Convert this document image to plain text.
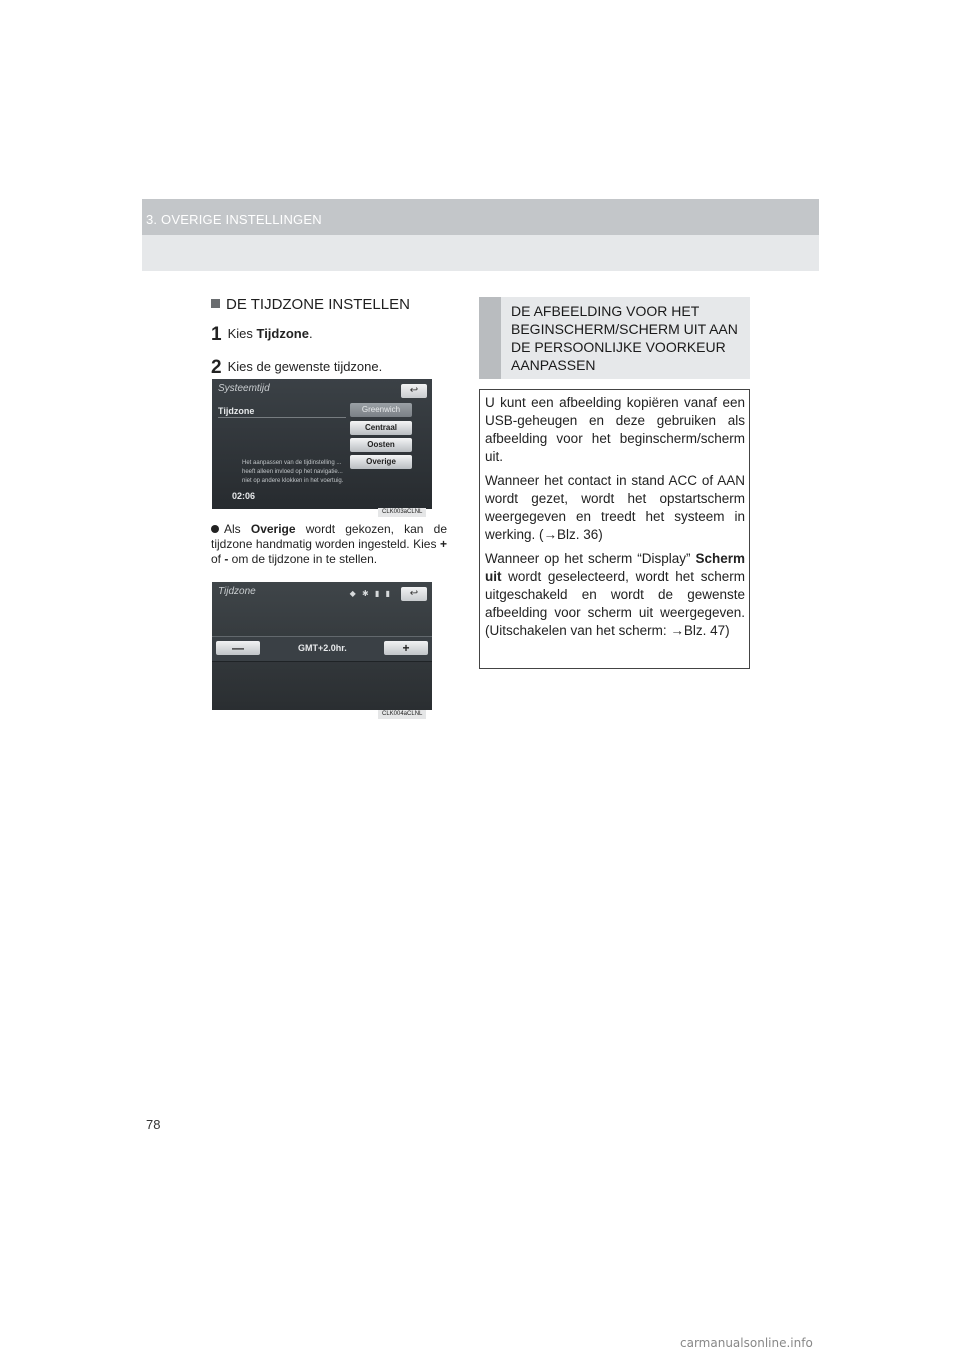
3. OVERIGE INSTELLINGEN

DE TIJDZONE INSTELLEN

1 Kies Tijdzone.
2 Kies de gewenste tijdzone.
Systeemtijd	↩
Tijdzone	Greenwich
Centraal
Oosten
Overige
Het aanpassen van de tijdinstelling ... heeft alleen invloed op het navigatie... niet op andere klokken in het voertuig.
02:06
CLK003aCLNL
Als Overige wordt gekozen, kan de tijdzone handmatig worden ingesteld. Kies + of - om de tijdzone in te stellen.
Tijdzone	◆ ✱ ▮ ▮	↩
—	GMT+2.0hr.	+
CLK004aCLNL
DE AFBEELDING VOOR HET BEGINSCHERM/SCHERM UIT AAN DE PERSOONLIJKE VOORKEUR AANPASSEN

U kunt een afbeelding kopiëren vanaf een USB-geheugen en deze gebruiken als afbeelding voor het beginscherm/scherm uit.

Wanneer het contact in stand ACC of AAN wordt gezet, wordt het opstartscherm weergegeven en treedt het systeem in werking. (→Blz. 36)

Wanneer op het scherm “Display” Scherm uit wordt geselecteerd, wordt het scherm uitgeschakeld en wordt de gewenste afbeelding voor scherm uit weergegeven. (Uitschakelen van het scherm: →Blz. 47)

78
carmanualsonline.info
